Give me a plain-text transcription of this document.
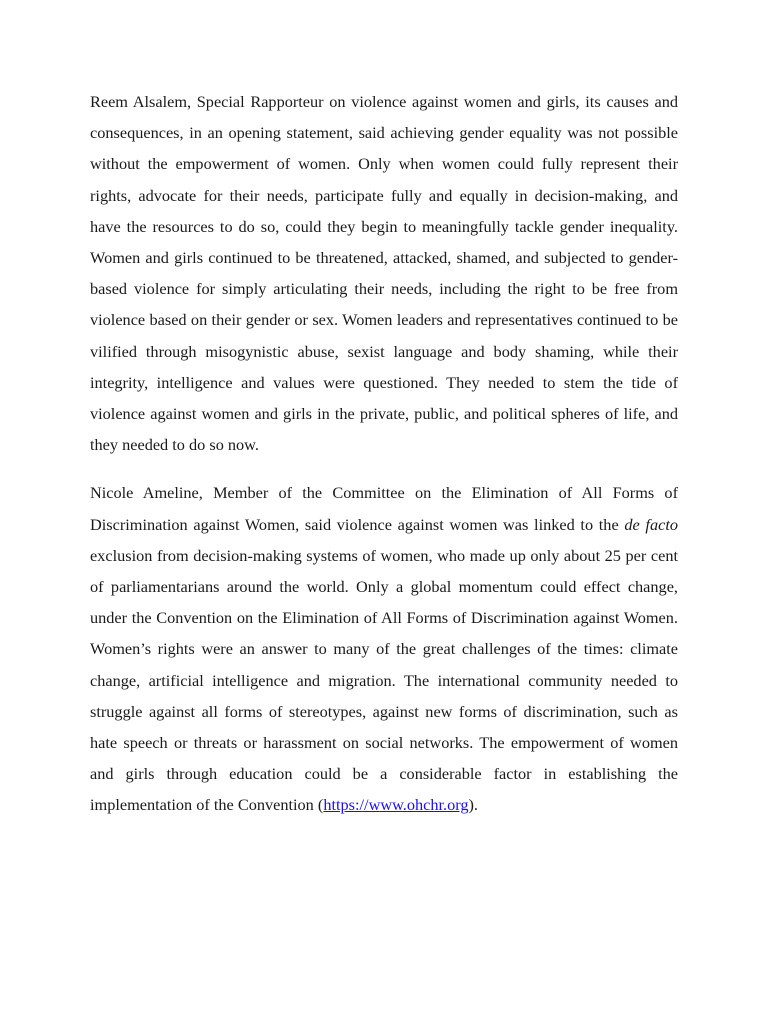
Reem Alsalem, Special Rapporteur on violence against women and girls, its causes and consequences, in an opening statement, said achieving gender equality was not possible without the empowerment of women. Only when women could fully represent their rights, advocate for their needs, participate fully and equally in decision-making, and have the resources to do so, could they begin to meaningfully tackle gender inequality. Women and girls continued to be threatened, attacked, shamed, and subjected to gender-based violence for simply articulating their needs, including the right to be free from violence based on their gender or sex. Women leaders and representatives continued to be vilified through misogynistic abuse, sexist language and body shaming, while their integrity, intelligence and values were questioned. They needed to stem the tide of violence against women and girls in the private, public, and political spheres of life, and they needed to do so now.

Nicole Ameline, Member of the Committee on the Elimination of All Forms of Discrimination against Women, said violence against women was linked to the de facto exclusion from decision-making systems of women, who made up only about 25 per cent of parliamentarians around the world. Only a global momentum could effect change, under the Convention on the Elimination of All Forms of Discrimination against Women. Women’s rights were an answer to many of the great challenges of the times: climate change, artificial intelligence and migration. The international community needed to struggle against all forms of stereotypes, against new forms of discrimination, such as hate speech or threats or harassment on social networks. The empowerment of women and girls through education could be a considerable factor in establishing the implementation of the Convention (https://www.ohchr.org).
